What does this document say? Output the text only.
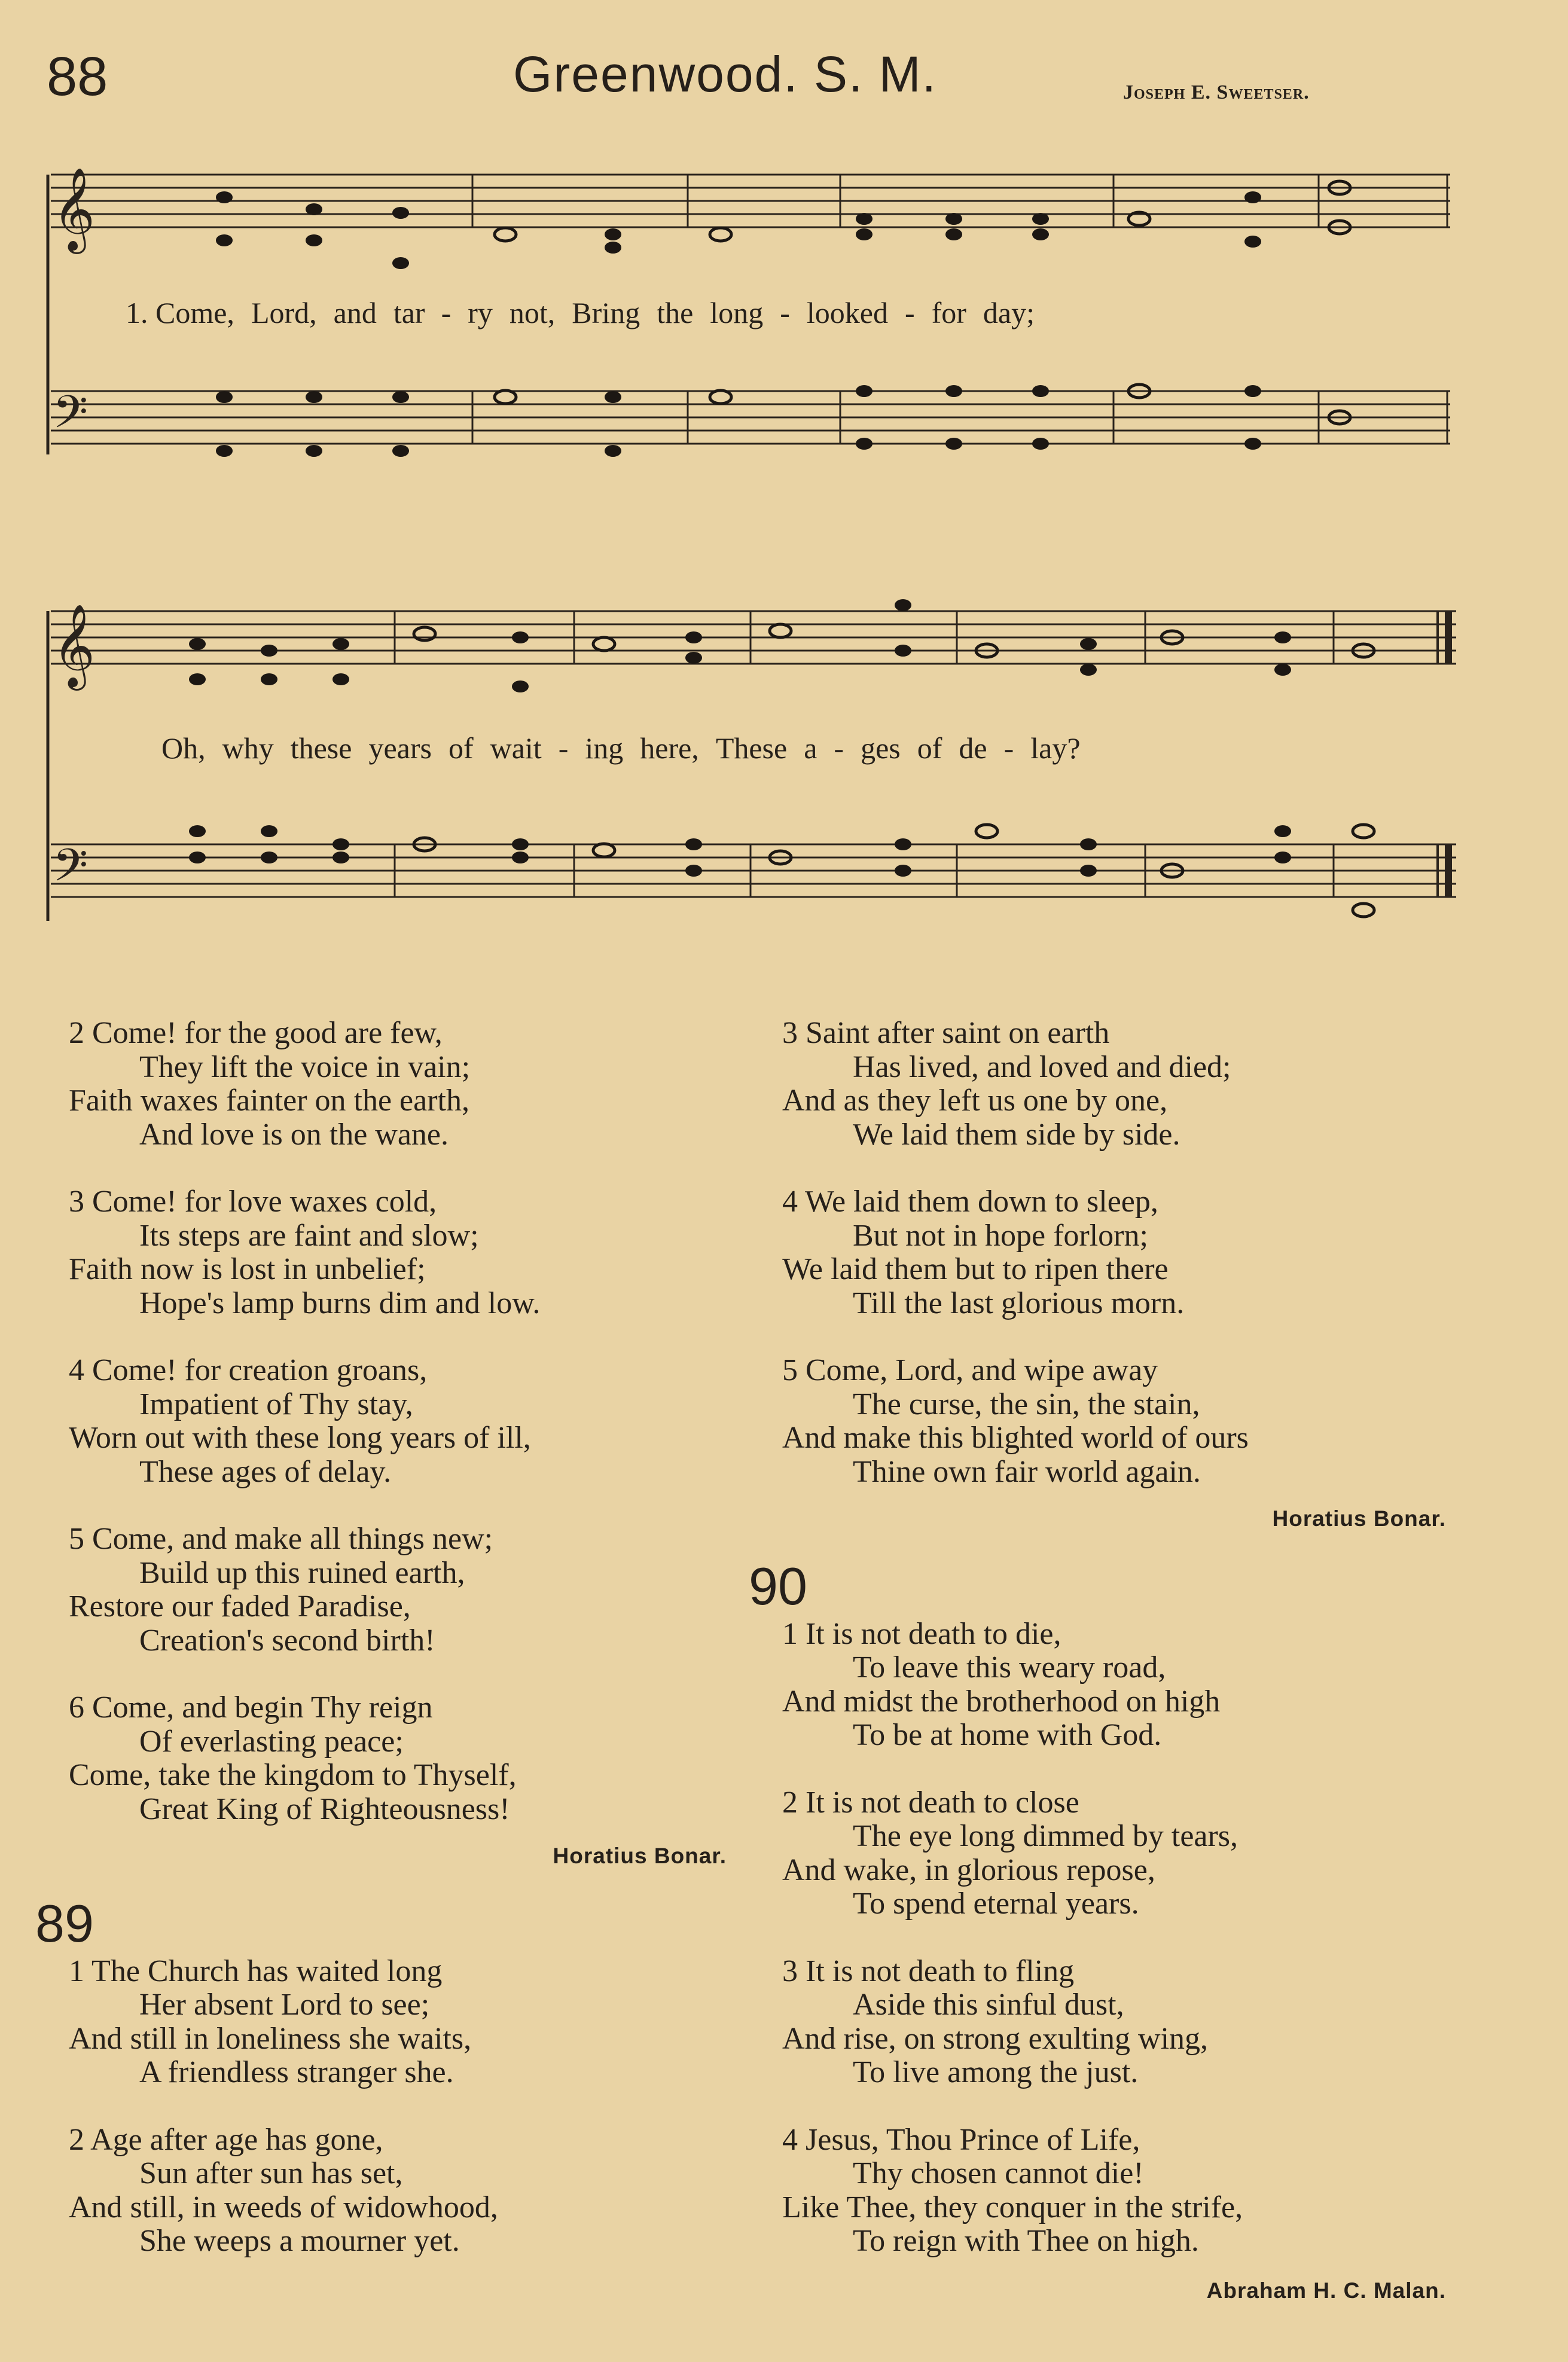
88	Greenwood. S. M.	Joseph E. Sweetser.
𝄞
𝄢
1. Come, Lord, and tar - ry not, Bring the long - looked - for day;
𝄞
𝄢
Oh, why these years of wait - ing here, These a - ges of de - lay?
2 Come! for the good are few,
They lift the voice in vain;
Faith waxes fainter on the earth,
And love is on the wane.
3 Come! for love waxes cold,
Its steps are faint and slow;
Faith now is lost in unbelief;
Hope's lamp burns dim and low.
4 Come! for creation groans,
Impatient of Thy stay,
Worn out with these long years of ill,
These ages of delay.
5 Come, and make all things new;
Build up this ruined earth,
Restore our faded Paradise,
Creation's second birth!
6 Come, and begin Thy reign
Of everlasting peace;
Come, take the kingdom to Thyself,
Great King of Righteousness!
Horatius Bonar.
89
1 The Church has waited long
Her absent Lord to see;
And still in loneliness she waits,
A friendless stranger she.
2 Age after age has gone,
Sun after sun has set,
And still, in weeds of widowhood,
She weeps a mourner yet.
3 Saint after saint on earth
Has lived, and loved and died;
And as they left us one by one,
We laid them side by side.
4 We laid them down to sleep,
But not in hope forlorn;
We laid them but to ripen there
Till the last glorious morn.
5 Come, Lord, and wipe away
The curse, the sin, the stain,
And make this blighted world of ours
Thine own fair world again.
Horatius Bonar.
90
1 It is not death to die,
To leave this weary road,
And midst the brotherhood on high
To be at home with God.
2 It is not death to close
The eye long dimmed by tears,
And wake, in glorious repose,
To spend eternal years.
3 It is not death to fling
Aside this sinful dust,
And rise, on strong exulting wing,
To live among the just.
4 Jesus, Thou Prince of Life,
Thy chosen cannot die!
Like Thee, they conquer in the strife,
To reign with Thee on high.
Abraham H. C. Malan.
